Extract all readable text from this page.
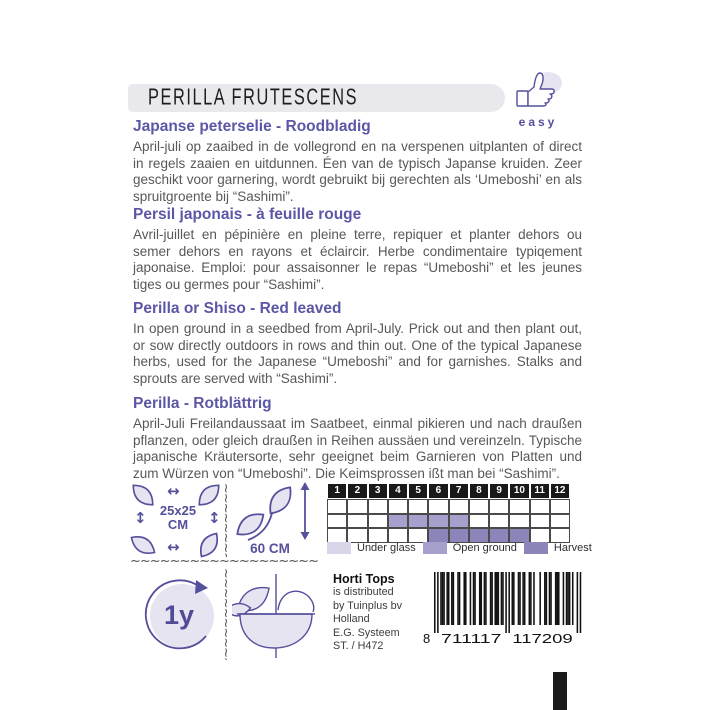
PERILLA FRUTESCENS
easy
Japanse peterselie - Roodbladig

April-juli op zaaibed in de vollegrond en na verspenen uitplanten of direct in regels zaaien en uitdunnen. Éen van de typisch Japanse kruiden. Zeer geschikt voor garnering, wordt gebruikt bij gerechten als ‘Umeboshi’ en als spruitgroente bij “Sashimi”.

Persil japonais - à feuille rouge

Avril-juillet en pépinière en pleine terre, repiquer et planter dehors ou semer dehors en rayons et éclaircir. Herbe condimentaire typiqement japonaise. Emploi: pour assaisonner le repas “Umeboshi” et les jeunes tiges ou germes pour “Sashimi”.

Perilla or Shiso - Red leaved

In open ground in a seedbed from April-July. Prick out and then plant out, or sow directly outdoors in rows and thin out. One of the typical Japanese herbs, used for the Japanese “Umeboshi” and for garnishes. Stalks and sprouts are served with “Sashimi”.

Perilla - Rotblättrig

April-Juli Freilandaussaat im Saatbeet, einmal pikieren und nach draußen pflanzen, oder gleich draußen in Reihen aussäen und vereinzeln. Typische japanische Kräutersorte, sehr geeignet beim Garnieren von Platten und zum Würzen von “Umeboshi”. Die Keimsprossen ißt man bei “Sashimi”.

↔
↔
↕	↕
25x25
CM
~~~~~
60 CM
1	2	3	4	5	6	7	8	9	10 11 12
Under glass	Open ground	Harvest
~~~~~
1y
~~~~~
Horti Tops
is distributed
by Tuinplus bv
Holland
E.G. Systeem
ST. / H472
8 711117 117209
